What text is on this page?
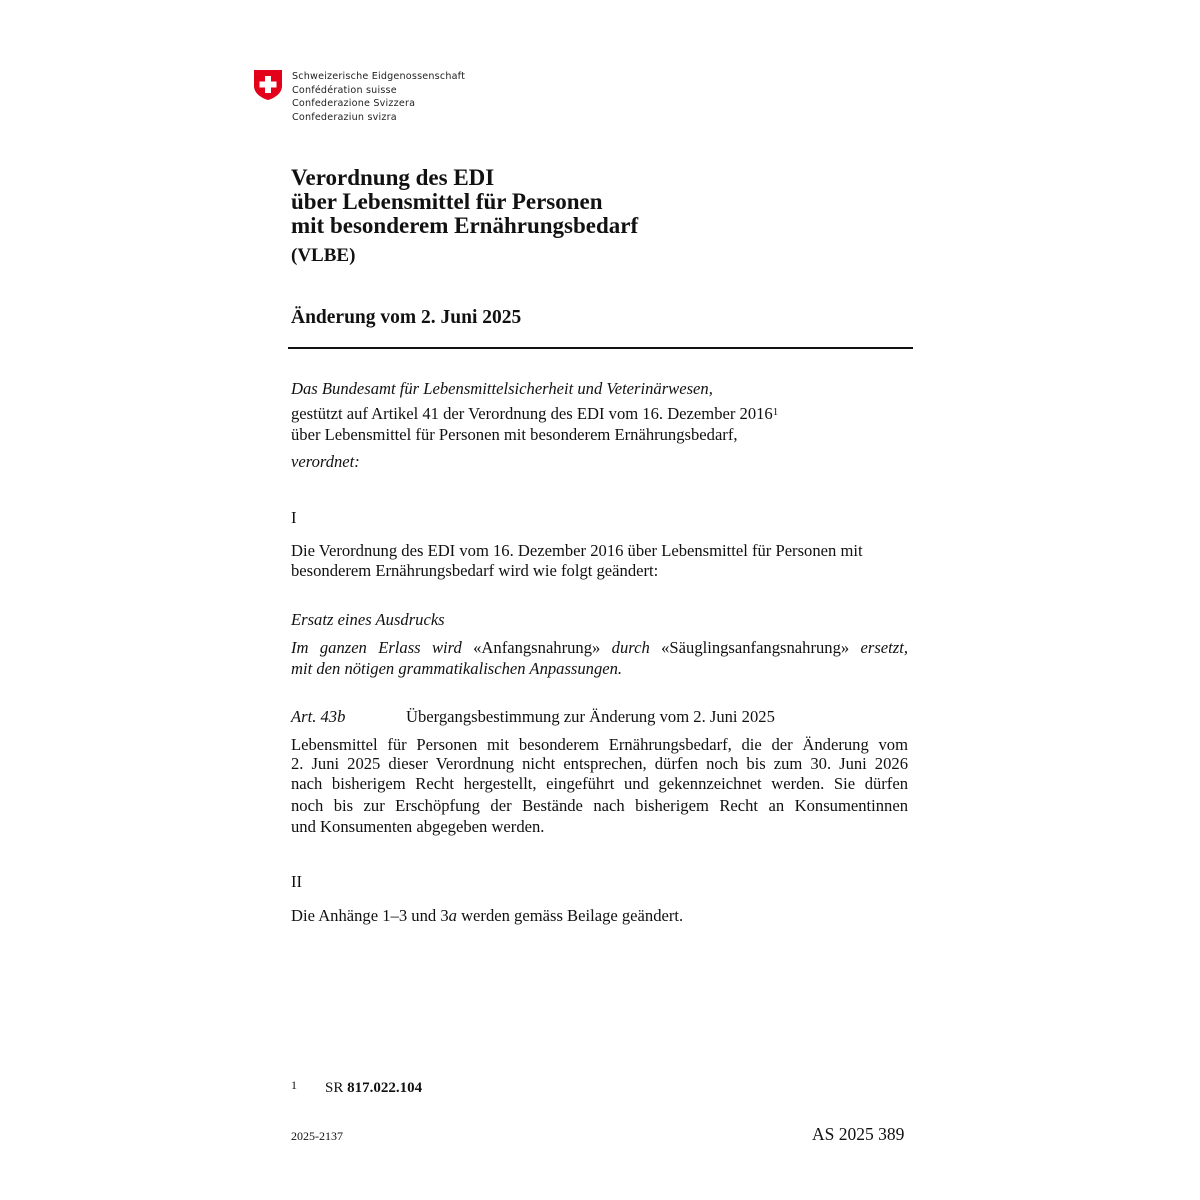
Schweizerische Eidgenossenschaft
Confédération suisse
Confederazione Svizzera
Confederaziun svizra
Verordnung des EDI
über Lebensmittel für Personen
mit besonderem Ernährungsbedarf
(VLBE)
Änderung vom 2. Juni 2025
Das Bundesamt für Lebensmittelsicherheit und Veterinärwesen,
gestützt auf Artikel 41 der Verordnung des EDI vom 16. Dezember 2016$^1$
über Lebensmittel für Personen mit besonderem Ernährungsbedarf,
verordnet:
I
Die Verordnung des EDI vom 16. Dezember 2016 über Lebensmittel für Personen mit
besonderem Ernährungsbedarf wird wie folgt geändert:
Ersatz eines Ausdrucks
Im ganzen Erlass wird «Anfangsnahrung» durch «Säuglingsanfangsnahrung» ersetzt,
mit den nötigen grammatikalischen Anpassungen.
Art. 43b	Übergangsbestimmung zur Änderung vom 2. Juni 2025
Lebensmittel für Personen mit besonderem Ernährungsbedarf, die der Änderung vom
2. Juni 2025 dieser Verordnung nicht entsprechen, dürfen noch bis zum 30. Juni 2026
nach bisherigem Recht hergestellt, eingeführt und gekennzeichnet werden. Sie dürfen
noch bis zur Erschöpfung der Bestände nach bisherigem Recht an Konsumentinnen
und Konsumenten abgegeben werden.
II
Die Anhänge 1–3 und 3a werden gemäss Beilage geändert.
1 SR 817.022.104
2025-2137	AS 2025 389
